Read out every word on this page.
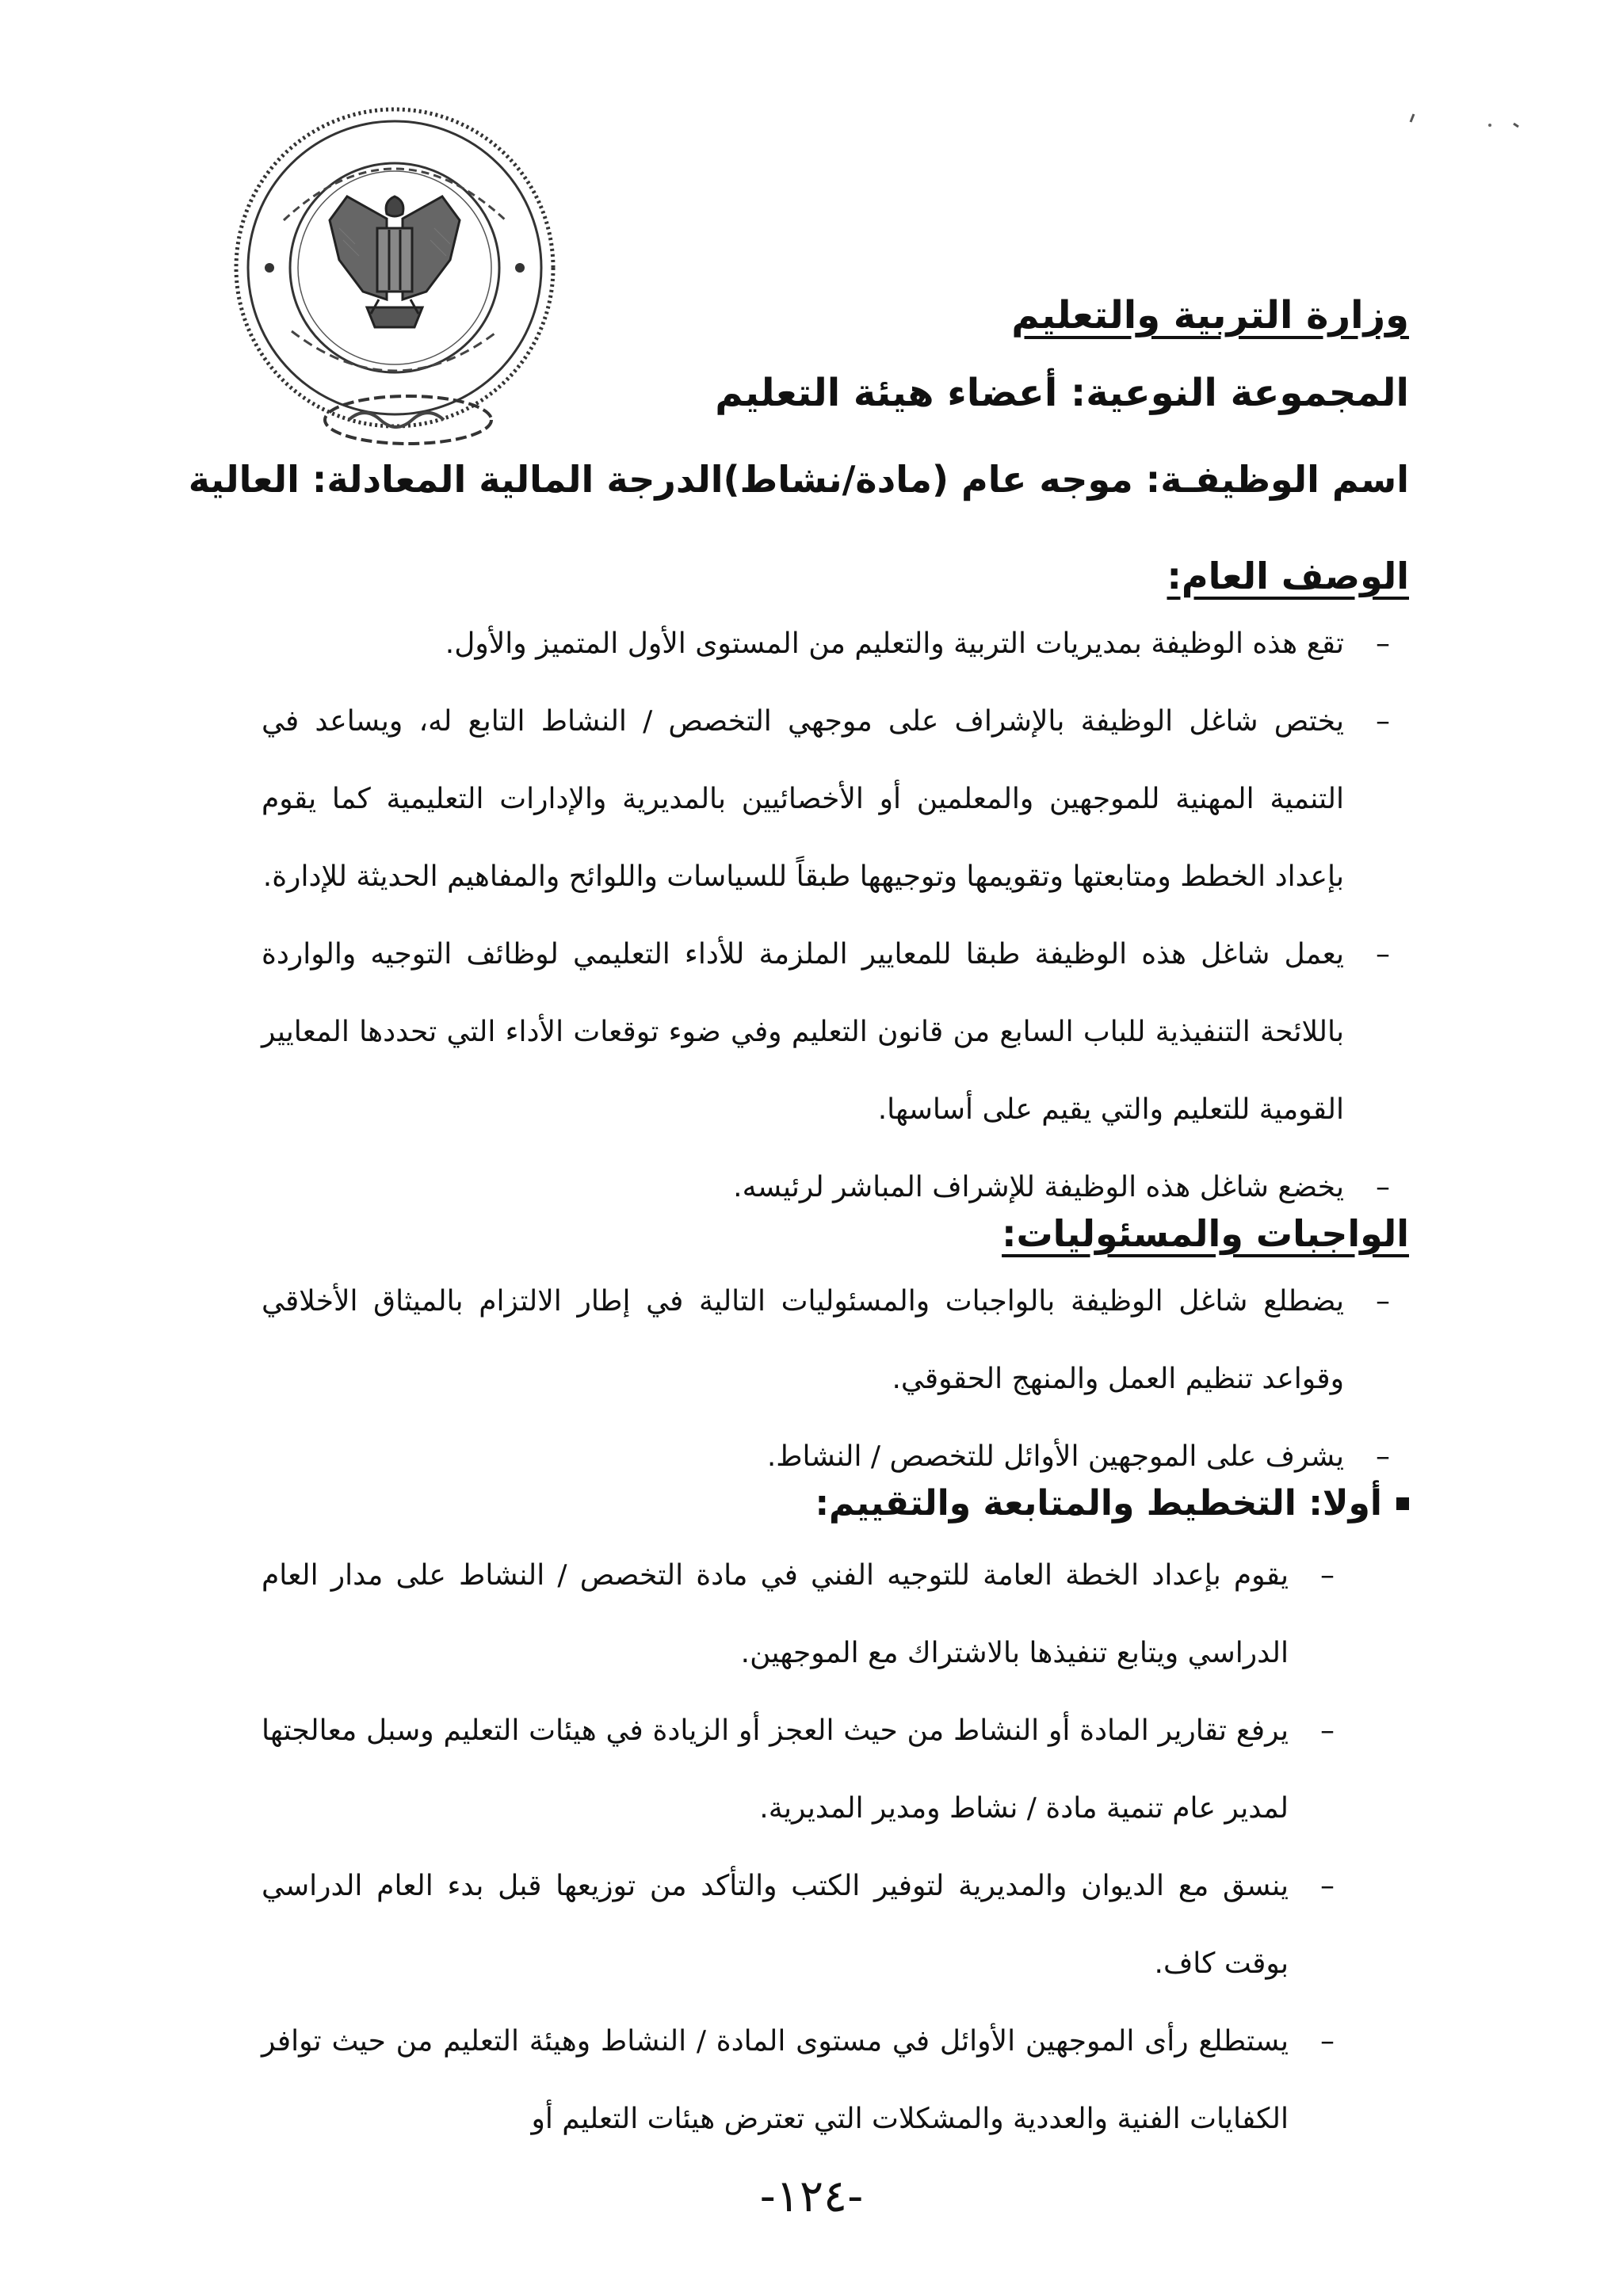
وزارة التربية والتعليم
المجموعة النوعية: أعضاء هيئة التعليم
اسم الوظيفـة: موجه عام (مادة/نشاط)
الدرجة المالية المعادلة: العالية
الوصف العام:
– تقع هذه الوظيفة بمديريات التربية والتعليم من المستوى الأول المتميز والأول.
– يختص شاغل الوظيفة بالإشراف على موجهي التخصص / النشاط التابع له، ويساعد في التنمية المهنية للموجهين والمعلمين أو الأخصائيين بالمديرية والإدارات التعليمية كما يقوم بإعداد الخطط ومتابعتها وتقويمها وتوجيهها طبقاً للسياسات واللوائح والمفاهيم الحديثة للإدارة.
– يعمل شاغل هذه الوظيفة طبقا للمعايير الملزمة للأداء التعليمي لوظائف التوجيه والواردة باللائحة التنفيذية للباب السابع من قانون التعليم وفي ضوء توقعات الأداء التي تحددها المعايير القومية للتعليم والتي يقيم على أساسها.
– يخضع شاغل هذه الوظيفة للإشراف المباشر لرئيسه.
الواجبات والمسئوليات:
– يضطلع شاغل الوظيفة بالواجبات والمسئوليات التالية في إطار الالتزام بالميثاق الأخلاقي وقواعد تنظيم العمل والمنهج الحقوقي.
– يشرف على الموجهين الأوائل للتخصص / النشاط.
أولا: التخطيط والمتابعة والتقييم:
– يقوم بإعداد الخطة العامة للتوجيه الفني في مادة التخصص / النشاط على مدار العام الدراسي ويتابع تنفيذها بالاشتراك مع الموجهين.
– يرفع تقارير المادة أو النشاط من حيث العجز أو الزيادة في هيئات التعليم وسبل معالجتها لمدير عام تنمية مادة / نشاط ومدير المديرية.
– ينسق مع الديوان والمديرية لتوفير الكتب والتأكد من توزيعها قبل بدء العام الدراسي بوقت كاف.
– يستطلع رأى الموجهين الأوائل في مستوى المادة / النشاط وهيئة التعليم من حيث توافر الكفايات الفنية والعددية والمشكلات التي تعترض هيئات التعليم أو
-١٢٤-
